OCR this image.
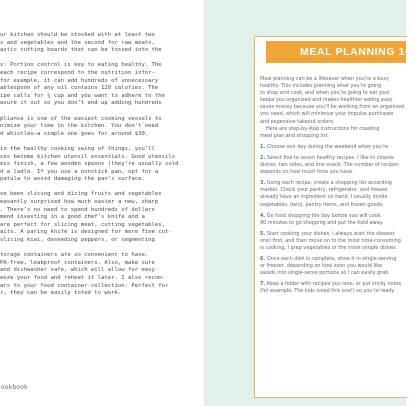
ur kitchen should be stocked with at least two
s and vegetables and the second for raw meats,
astic cutting boards that can be tossed into the

s: Portion control is key to eating healthy. The
each recipe correspond to the nutrition infor-
for example, it can add hundreds of unnecessary
ablespoon of any oil contains 120 calories. The
ipe calls for ¼ cup and you want to adhere to the
asure it out so you don’t end up adding hundreds

pliance is one of the easiest cooking vessels to
nimize your time in the kitchen. You don’t need
d whistles—a simple one goes for around $30.

in the healthy cooking swing of things, you’ll
ces become kitchen utensil essentials. Good utensils
ess finish, a few wooden spoons (they’re usually sold
d a ladle. If you use a nonstick pan, opt for a
patula to avoid damaging the pan’s surface.

ve been slicing and dicing fruits and vegetables
easantly surprised how much easier a new, sharp
. There’s no need to spend hundreds of dollars
mend investing in a good chef’s knife and a
are perfect for slicing meat, cutting vegetables,
aits. A paring knife is designed for more fine cut-
slicing kiwi, deseeding peppers, or segmenting

torage containers are so convenient to have.
PA-free, leakproof containers. Also, make sure
and dishwasher safe, which will allow for easy
eeze your food and reheat it later. I also recom-
ars to your food container collection. Perfect for
r, they can be easily toted to work.

ookbook
MEAL PLANNING 101
Meal planning can be a lifesaver when you’re a busy
healthy. This includes planning what you’re going
to shop and cook, and when you’re going to eat your
keeps you organized and makes healthier eating easy.
saves money because you’ll be working from an organized
you need, which will minimize your impulse purchases
and expensive takeout orders.
Here are step-by-step instructions for creating
meal plan and shopping list:
1. Choose one day during the weekend when you’re
2. Select five to seven healthy recipes. I like to choose
dishes, two sides, and one snack. The number of recipes
depends on how much time you have.
3. Using each recipe, create a shopping list according
market. Check your pantry, refrigerator, and freezer
already have an ingredient on hand. I usually divide
vegetables, dairy, pantry items, and frozen goods.
4. Go food shopping the day before you will cook
90 minutes to go shopping and put the food away.
5. Start cooking your dishes. I always start the slowest
one) first, and then move on to the most time-consuming
is cooking, I prep vegetables or the more simple dishes.
6. Once each dish is complete, store it in single-serving
or freezer, depending on how soon you would like
salads into single-serve portions so I can easily grab
7. Keep a folder with recipes you love, or put sticky notes
(for example, The kids loved this one!) so you’re ready
